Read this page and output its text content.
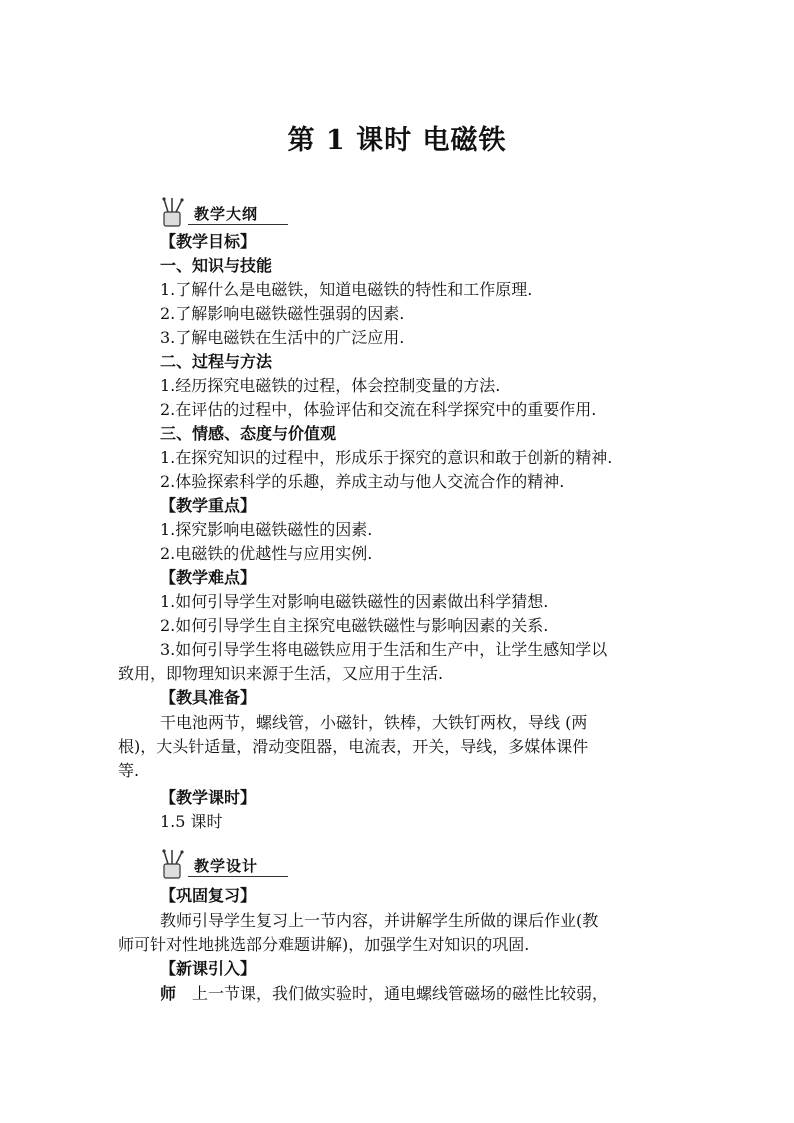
第 1 课时 电磁铁
教学大纲

【教学目标】

一、知识与技能

1.了解什么是电磁铁，知道电磁铁的特性和工作原理.

2.了解影响电磁铁磁性强弱的因素.

3.了解电磁铁在生活中的广泛应用.

二、过程与方法

1.经历探究电磁铁的过程，体会控制变量的方法.

2.在评估的过程中，体验评估和交流在科学探究中的重要作用.

三、情感、态度与价值观

1.在探究知识的过程中，形成乐于探究的意识和敢于创新的精神.

2.体验探索科学的乐趣，养成主动与他人交流合作的精神.

【教学重点】

1.探究影响电磁铁磁性的因素.

2.电磁铁的优越性与应用实例.

【教学难点】

1.如何引导学生对影响电磁铁磁性的因素做出科学猜想.

2.如何引导学生自主探究电磁铁磁性与影响因素的关系.

3.如何引导学生将电磁铁应用于生活和生产中，让学生感知学以

致用，即物理知识来源于生活，又应用于生活.

【教具准备】

干电池两节，螺线管，小磁针，铁棒，大铁钉两枚，导线 (两

根)，大头针适量，滑动变阻器，电流表，开关，导线，多媒体课件

等.

【教学课时】

1.5 课时

教学设计

【巩固复习】

教师引导学生复习上一节内容，并讲解学生所做的课后作业(教

师可针对性地挑选部分难题讲解)，加强学生对知识的巩固.

【新课引入】

师 上一节课，我们做实验时，通电螺线管磁场的磁性比较弱，
